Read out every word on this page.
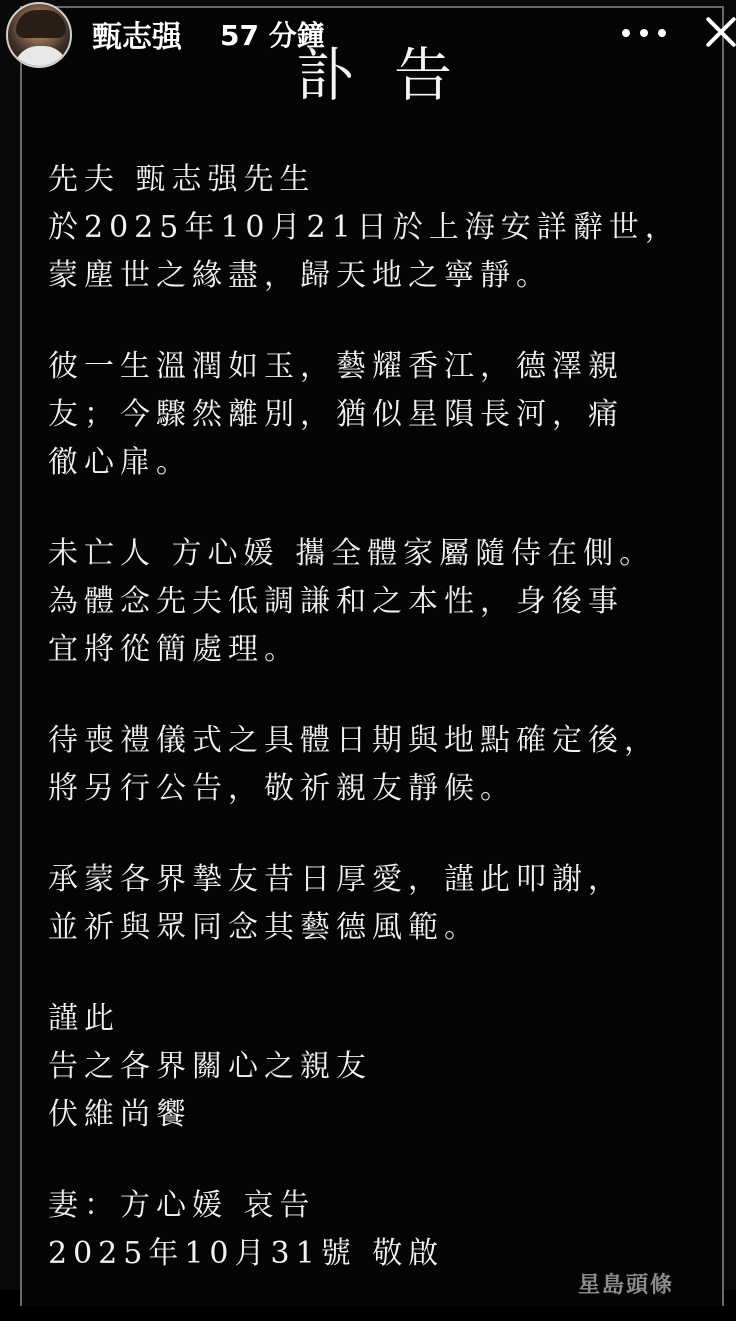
訃告
先夫 甄志强先生
於2025年10月21日於上海安詳辭世，
蒙塵世之緣盡，歸天地之寧靜。
彼一生溫潤如玉，藝耀香江，德澤親
友；今驟然離別，猶似星隕長河，痛
徹心扉。
未亡人 方心媛 攜全體家屬隨侍在側。
為體念先夫低調謙和之本性，身後事
宜將從簡處理。
待喪禮儀式之具體日期與地點確定後，
將另行公告，敬祈親友靜候。
承蒙各界摯友昔日厚愛，謹此叩謝，
並祈與眾同念其藝德風範。
謹此
告之各界關心之親友
伏維尚饗
妻：方心媛 哀告
2025年10月31號 敬啟
甄志强 57 分鐘
星島頭條
